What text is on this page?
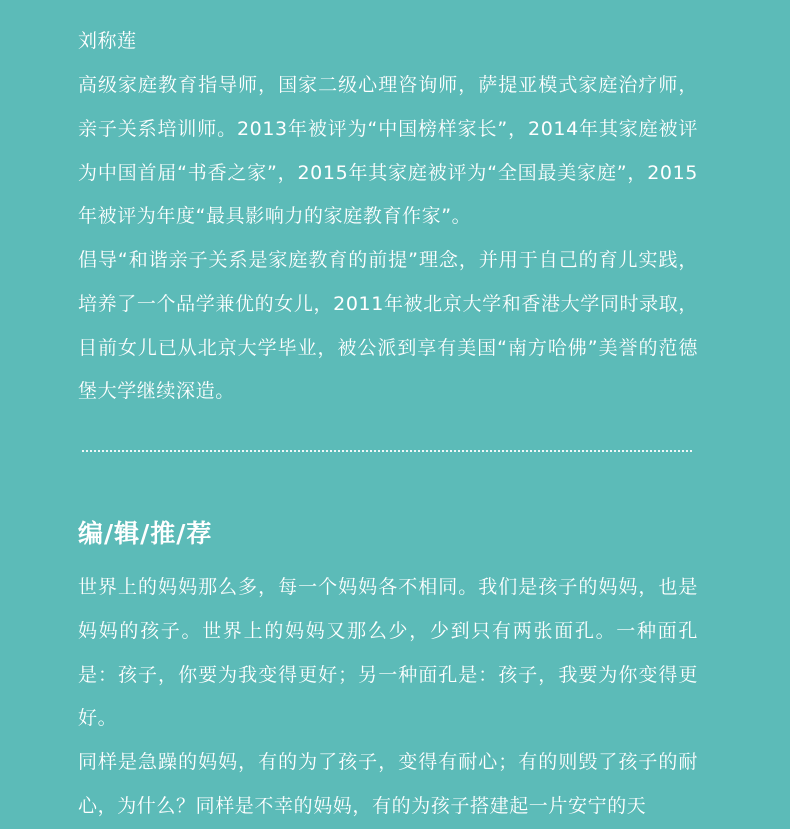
刘称莲

高级家庭教育指导师，国家二级心理咨询师，萨提亚模式家庭治疗师，亲子关系培训师。2013年被评为“中国榜样家长”，2014年其家庭被评为中国首届“书香之家”，2015年其家庭被评为“全国最美家庭”，2015年被评为年度“最具影响力的家庭教育作家”。

倡导“和谐亲子关系是家庭教育的前提”理念，并用于自己的育儿实践，培养了一个品学兼优的女儿，2011年被北京大学和香港大学同时录取，目前女儿已从北京大学毕业，被公派到享有美国“南方哈佛”美誉的范德堡大学继续深造。

编/辑/推/荐

世界上的妈妈那么多，每一个妈妈各不相同。我们是孩子的妈妈，也是妈妈的孩子。世界上的妈妈又那么少，少到只有两张面孔。一种面孔是：孩子，你要为我变得更好；另一种面孔是：孩子，我要为你变得更好。

同样是急躁的妈妈，有的为了孩子，变得有耐心；有的则毁了孩子的耐心，为什么？同样是不幸的妈妈，有的为孩子搭建起一片安宁的天
